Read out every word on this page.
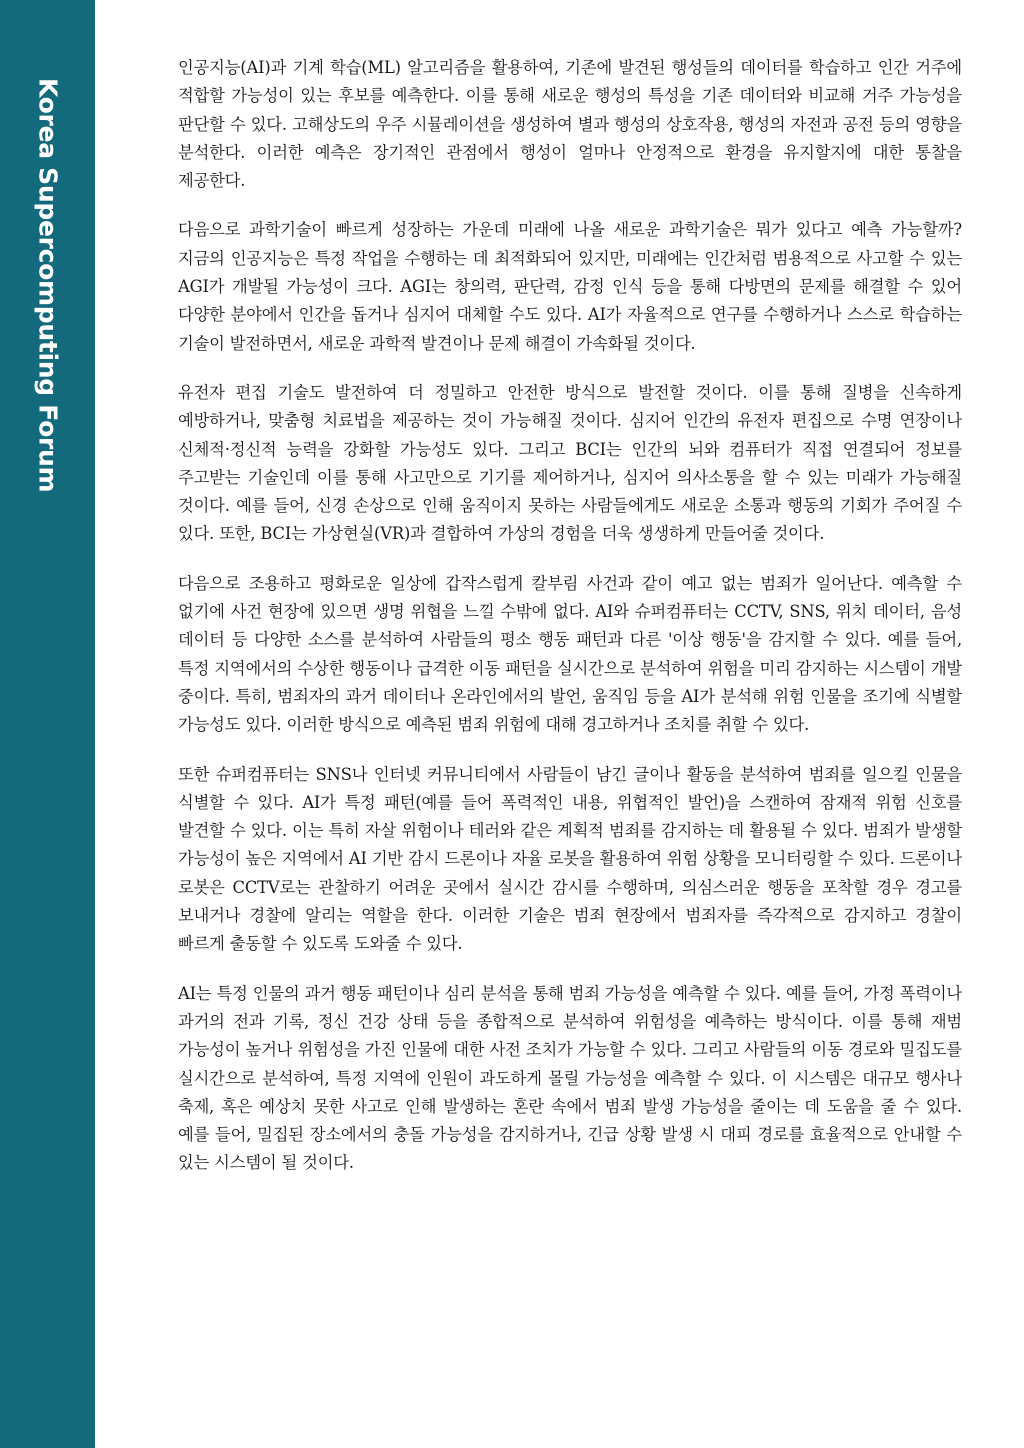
Korea Supercomputing Forum

인공지능(AI)과 기계 학습(ML) 알고리즘을 활용하여, 기존에 발견된 행성들의 데이터를 학습하고 인간 거주에 적합할 가능성이 있는 후보를 예측한다. 이를 통해 새로운 행성의 특성을 기존 데이터와 비교해 거주 가능성을 판단할 수 있다. 고해상도의 우주 시뮬레이션을 생성하여 별과 행성의 상호작용, 행성의 자전과 공전 등의 영향을 분석한다. 이러한 예측은 장기적인 관점에서 행성이 얼마나 안정적으로 환경을 유지할지에 대한 통찰을 제공한다.

다음으로 과학기술이 빠르게 성장하는 가운데 미래에 나올 새로운 과학기술은 뭐가 있다고 예측 가능할까? 지금의 인공지능은 특정 작업을 수행하는 데 최적화되어 있지만, 미래에는 인간처럼 범용적으로 사고할 수 있는 AGI가 개발될 가능성이 크다. AGI는 창의력, 판단력, 감정 인식 등을 통해 다방면의 문제를 해결할 수 있어 다양한 분야에서 인간을 돕거나 심지어 대체할 수도 있다. AI가 자율적으로 연구를 수행하거나 스스로 학습하는 기술이 발전하면서, 새로운 과학적 발견이나 문제 해결이 가속화될 것이다.

유전자 편집 기술도 발전하여 더 정밀하고 안전한 방식으로 발전할 것이다. 이를 통해 질병을 신속하게 예방하거나, 맞춤형 치료법을 제공하는 것이 가능해질 것이다. 심지어 인간의 유전자 편집으로 수명 연장이나 신체적·정신적 능력을 강화할 가능성도 있다. 그리고 BCI는 인간의 뇌와 컴퓨터가 직접 연결되어 정보를 주고받는 기술인데 이를 통해 사고만으로 기기를 제어하거나, 심지어 의사소통을 할 수 있는 미래가 가능해질 것이다. 예를 들어, 신경 손상으로 인해 움직이지 못하는 사람들에게도 새로운 소통과 행동의 기회가 주어질 수 있다. 또한, BCI는 가상현실(VR)과 결합하여 가상의 경험을 더욱 생생하게 만들어줄 것이다.

다음으로 조용하고 평화로운 일상에 갑작스럽게 칼부림 사건과 같이 예고 없는 범죄가 일어난다. 예측할 수 없기에 사건 현장에 있으면 생명 위협을 느낄 수밖에 없다. AI와 슈퍼컴퓨터는 CCTV, SNS, 위치 데이터, 음성 데이터 등 다양한 소스를 분석하여 사람들의 평소 행동 패턴과 다른 '이상 행동'을 감지할 수 있다. 예를 들어, 특정 지역에서의 수상한 행동이나 급격한 이동 패턴을 실시간으로 분석하여 위험을 미리 감지하는 시스템이 개발 중이다. 특히, 범죄자의 과거 데이터나 온라인에서의 발언, 움직임 등을 AI가 분석해 위험 인물을 조기에 식별할 가능성도 있다. 이러한 방식으로 예측된 범죄 위험에 대해 경고하거나 조치를 취할 수 있다.

또한 슈퍼컴퓨터는 SNS나 인터넷 커뮤니티에서 사람들이 남긴 글이나 활동을 분석하여 범죄를 일으킬 인물을 식별할 수 있다. AI가 특정 패턴(예를 들어 폭력적인 내용, 위협적인 발언)을 스캔하여 잠재적 위험 신호를 발견할 수 있다. 이는 특히 자살 위험이나 테러와 같은 계획적 범죄를 감지하는 데 활용될 수 있다. 범죄가 발생할 가능성이 높은 지역에서 AI 기반 감시 드론이나 자율 로봇을 활용하여 위험 상황을 모니터링할 수 있다. 드론이나 로봇은 CCTV로는 관찰하기 어려운 곳에서 실시간 감시를 수행하며, 의심스러운 행동을 포착할 경우 경고를 보내거나 경찰에 알리는 역할을 한다. 이러한 기술은 범죄 현장에서 범죄자를 즉각적으로 감지하고 경찰이 빠르게 출동할 수 있도록 도와줄 수 있다.

AI는 특정 인물의 과거 행동 패턴이나 심리 분석을 통해 범죄 가능성을 예측할 수 있다. 예를 들어, 가정 폭력이나 과거의 전과 기록, 정신 건강 상태 등을 종합적으로 분석하여 위험성을 예측하는 방식이다. 이를 통해 재범 가능성이 높거나 위험성을 가진 인물에 대한 사전 조치가 가능할 수 있다. 그리고 사람들의 이동 경로와 밀집도를 실시간으로 분석하여, 특정 지역에 인원이 과도하게 몰릴 가능성을 예측할 수 있다. 이 시스템은 대규모 행사나 축제, 혹은 예상치 못한 사고로 인해 발생하는 혼란 속에서 범죄 발생 가능성을 줄이는 데 도움을 줄 수 있다. 예를 들어, 밀집된 장소에서의 충돌 가능성을 감지하거나, 긴급 상황 발생 시 대피 경로를 효율적으로 안내할 수 있는 시스템이 될 것이다.
